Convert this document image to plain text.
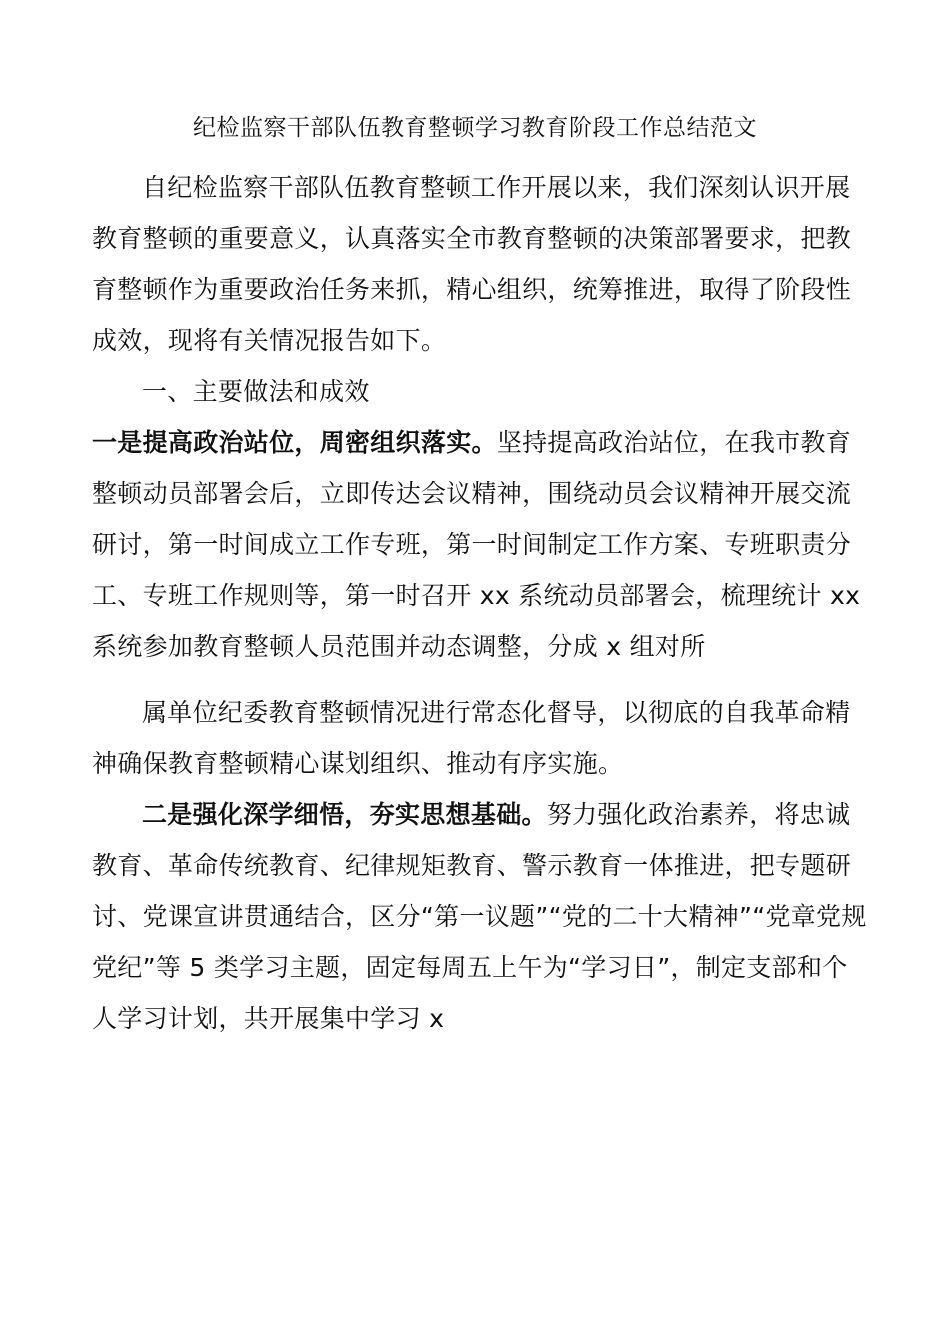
纪检监察干部队伍教育整顿学习教育阶段工作总结范文
自纪检监察干部队伍教育整顿工作开展以来，我们深刻认识开展
教育整顿的重要意义，认真落实全市教育整顿的决策部署要求，把教
育整顿作为重要政治任务来抓，精心组织，统筹推进，取得了阶段性
成效，现将有关情况报告如下。
一、主要做法和成效
一是提高政治站位，周密组织落实。坚持提高政治站位，在我市教育
整顿动员部署会后，立即传达会议精神，围绕动员会议精神开展交流
研讨，第一时间成立工作专班，第一时间制定工作方案、专班职责分
工、专班工作规则等，第一时召开 xx 系统动员部署会，梳理统计 xx
系统参加教育整顿人员范围并动态调整，分成 x 组对所
属单位纪委教育整顿情况进行常态化督导，以彻底的自我革命精
神确保教育整顿精心谋划组织、推动有序实施。
二是强化深学细悟，夯实思想基础。努力强化政治素养，将忠诚
教育、革命传统教育、纪律规矩教育、警示教育一体推进，把专题研
讨、党课宣讲贯通结合，区分“第一议题”“党的二十大精神”“党章党规
党纪”等 5 类学习主题，固定每周五上午为“学习日”，制定支部和个
人学习计划，共开展集中学习 x
